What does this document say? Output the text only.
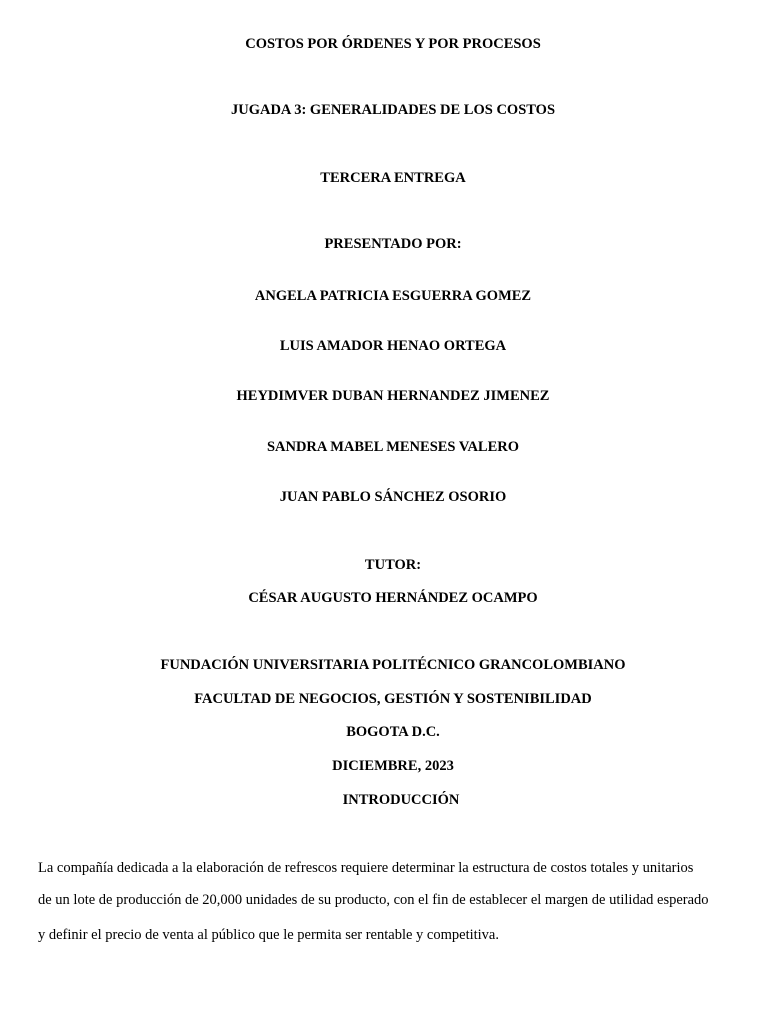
COSTOS POR ÓRDENES Y POR PROCESOS
JUGADA 3: GENERALIDADES DE LOS COSTOS
TERCERA ENTREGA
PRESENTADO POR:
ANGELA PATRICIA ESGUERRA GOMEZ
LUIS AMADOR HENAO ORTEGA
HEYDIMVER DUBAN HERNANDEZ JIMENEZ
SANDRA MABEL MENESES VALERO
JUAN PABLO SÁNCHEZ OSORIO
TUTOR:
CÉSAR AUGUSTO HERNÁNDEZ OCAMPO
FUNDACIÓN UNIVERSITARIA POLITÉCNICO GRANCOLOMBIANO
FACULTAD DE NEGOCIOS, GESTIÓN Y SOSTENIBILIDAD
BOGOTA D.C.
DICIEMBRE, 2023
INTRODUCCIÓN
La compañía dedicada a la elaboración de refrescos requiere determinar la estructura de costos totales y unitarios
de un lote de producción de 20,000 unidades de su producto, con el fin de establecer el margen de utilidad esperado
y definir el precio de venta al público que le permita ser rentable y competitiva.
